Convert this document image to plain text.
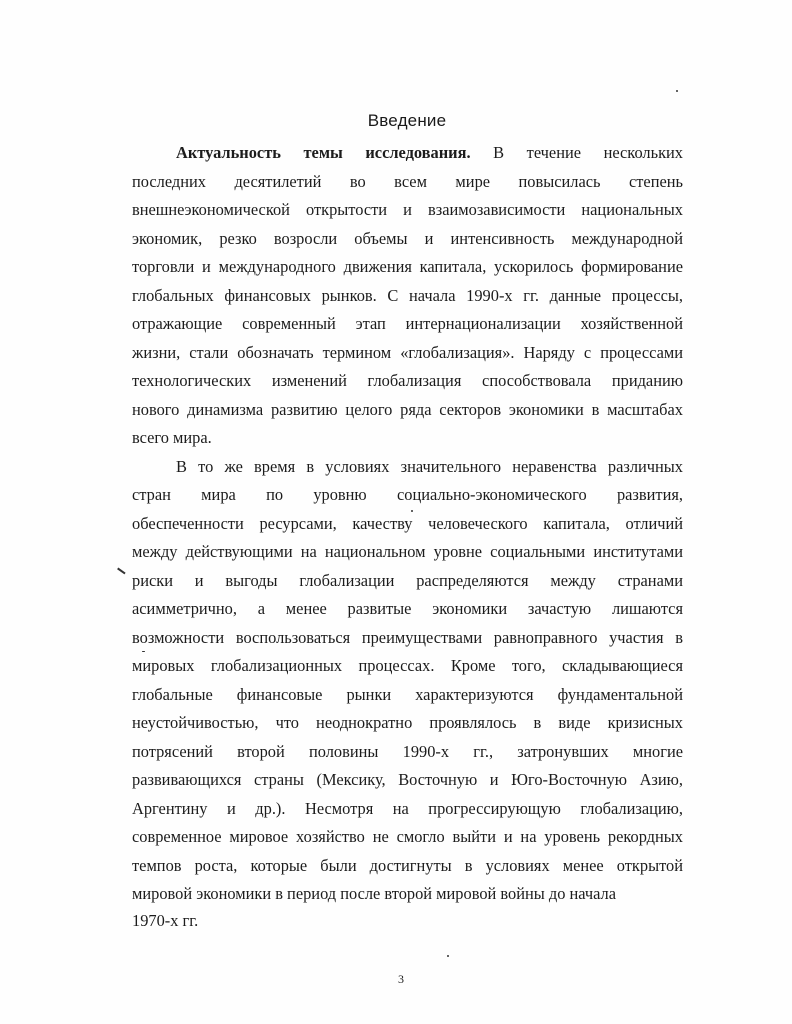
Введение
Актуальность темы исследования. В течение нескольких
последних десятилетий во всем мире повысилась степень
внешнеэкономической открытости и взаимозависимости национальных
экономик, резко возросли объемы и интенсивность международной
торговли и международного движения капитала, ускорилось формирование
глобальных финансовых рынков. С начала 1990-х гг. данные процессы,
отражающие современный этап интернационализации хозяйственной
жизни, стали обозначать термином «глобализация». Наряду с процессами
технологических изменений глобализация способствовала приданию
нового динамизма развитию целого ряда секторов экономики в масштабах
всего мира.
В то же время в условиях значительного неравенства различных
стран мира по уровню социально-экономического развития,
обеспеченности ресурсами, качеству человеческого капитала, отличий
между действующими на национальном уровне социальными институтами
риски и выгоды глобализации распределяются между странами
асимметрично, а менее развитые экономики зачастую лишаются
возможности воспользоваться преимуществами равноправного участия в
мировых глобализационных процессах. Кроме того, складывающиеся
глобальные финансовые рынки характеризуются фундаментальной
неустойчивостью, что неоднократно проявлялось в виде кризисных
потрясений второй половины 1990-х гг., затронувших многие
развивающихся страны (Мексику, Восточную и Юго-Восточную Азию,
Аргентину и др.). Несмотря на прогрессирующую глобализацию,
современное мировое хозяйство не смогло выйти и на уровень рекордных
темпов роста, которые были достигнуты в условиях менее открытой
мировой экономики в период после второй мировой войны до начала
1970-х гг.
3
